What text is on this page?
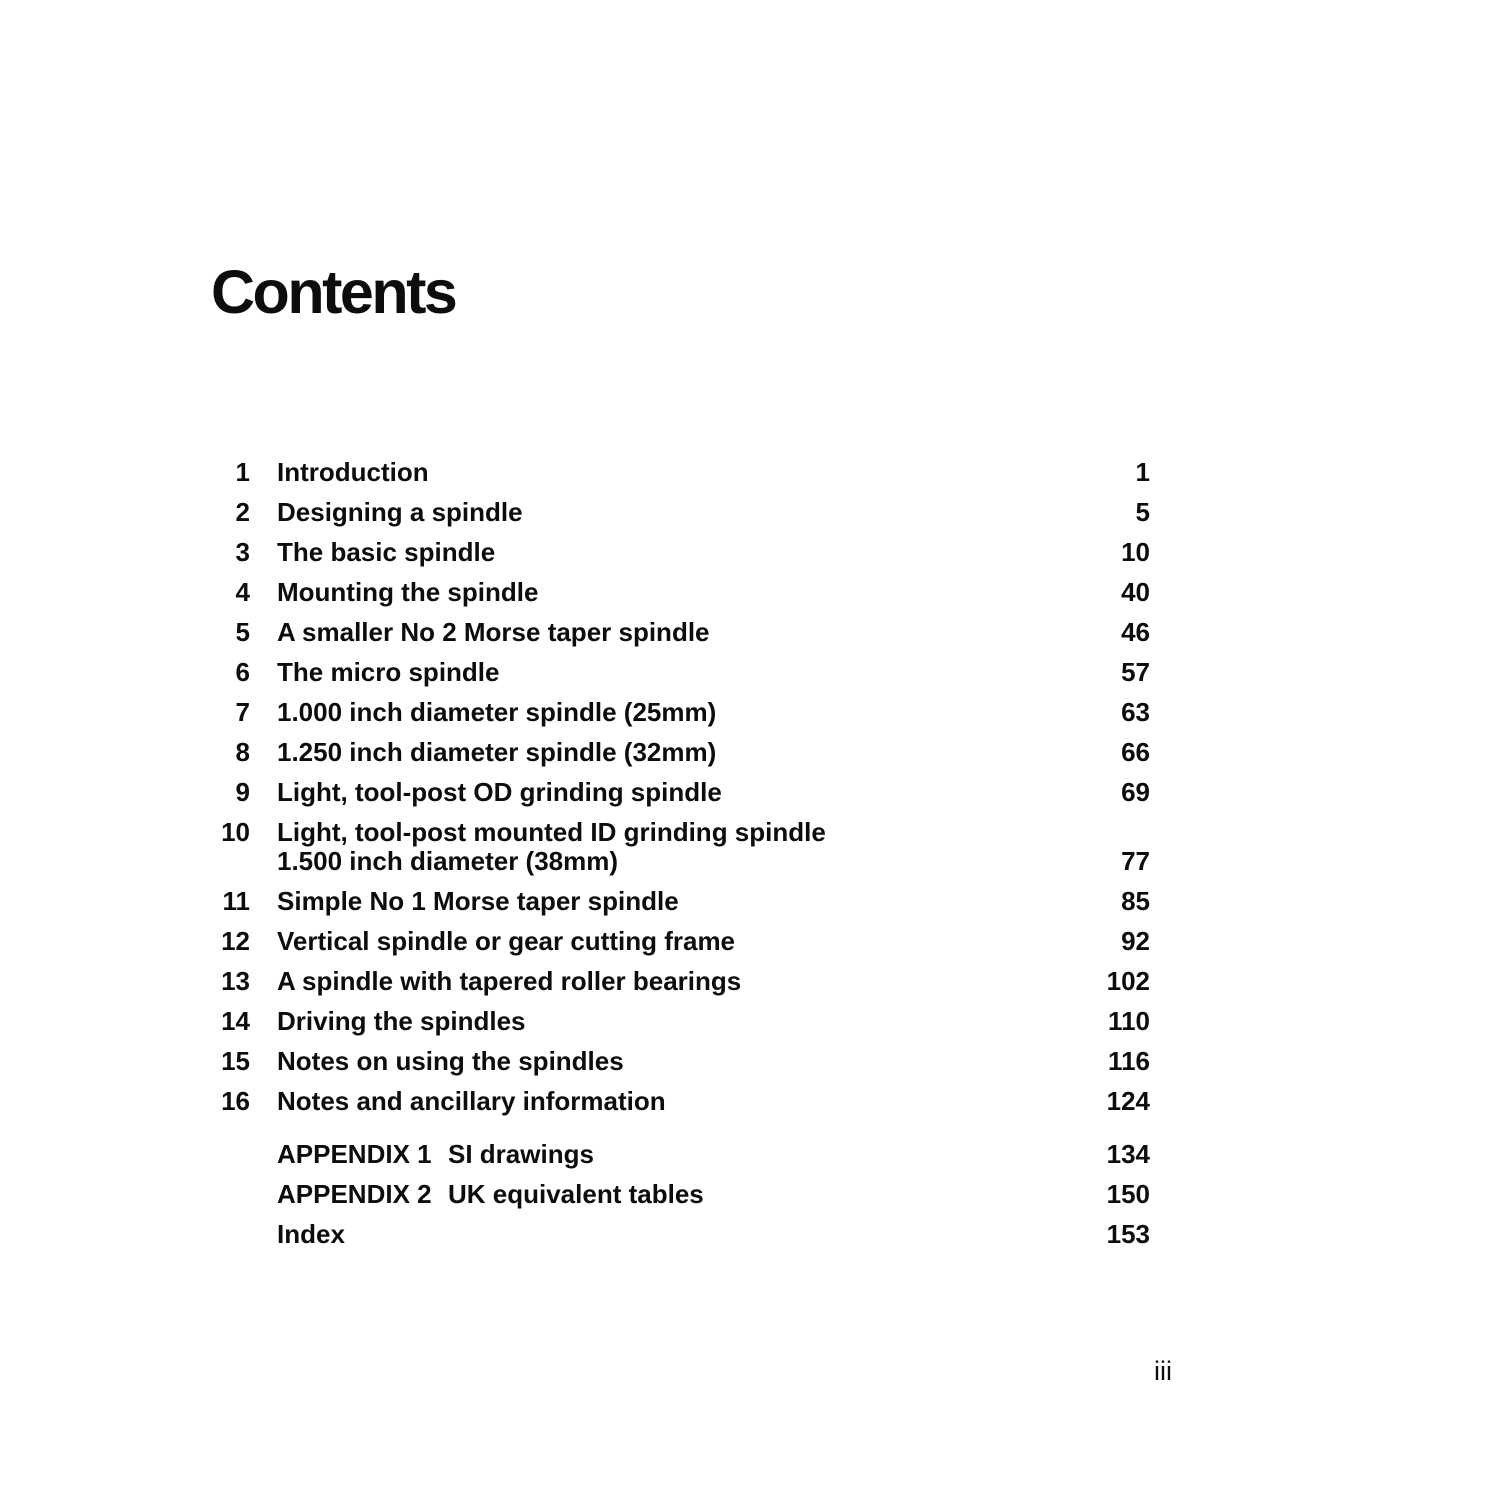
Contents
1 Introduction	1
2 Designing a spindle	5
3 The basic spindle	10
4 Mounting the spindle	40
5 A smaller No 2 Morse taper spindle	46
6 The micro spindle	57
7 1.000 inch diameter spindle (25mm)	63
8 1.250 inch diameter spindle (32mm)	66
9 Light, tool-post OD grinding spindle	69
10 Light, tool-post mounted ID grinding spindle
1.500 inch diameter (38mm)	77
11 Simple No 1 Morse taper spindle	85
12 Vertical spindle or gear cutting frame	92
13 A spindle with tapered roller bearings	102
14 Driving the spindles	110
15 Notes on using the spindles	116
16 Notes and ancillary information	124
APPENDIX 1 SI drawings	134
APPENDIX 2 UK equivalent tables	150
Index	153
iii
